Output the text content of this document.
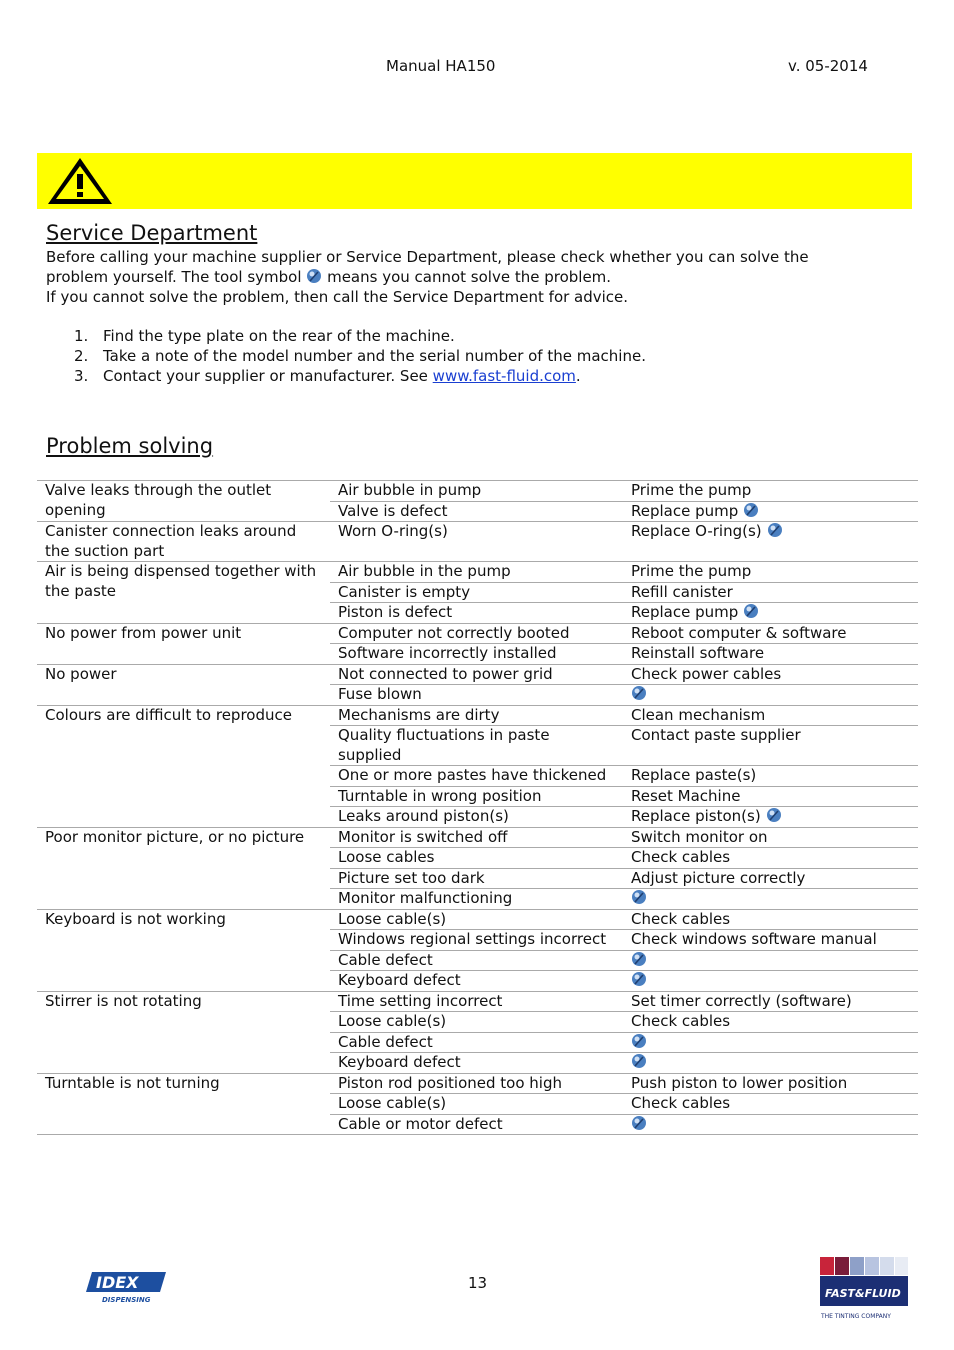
Manual HA150	v. 05-2014
Service Department
Before calling your machine supplier or Service Department, please check whether you can solve the
problem yourself. The tool symbol means you cannot solve the problem.
If you cannot solve the problem, then call the Service Department for advice.
1. Find the type plate on the rear of the machine.
2. Take a note of the model number and the serial number of the machine.
3. Contact your supplier or manufacturer. See www.fast-fluid.com.
Problem solving
Valve leaks through the outlet opening	Air bubble in pump	Prime the pump
	Valve is defect	Replace pump
Canister connection leaks around the suction part	Worn O-ring(s)	Replace O-ring(s)
Air is being dispensed together with the paste	Air bubble in the pump	Prime the pump
	Canister is empty	Refill canister
	Piston is defect	Replace pump
No power from power unit	Computer not correctly booted	Reboot computer & software
	Software incorrectly installed	Reinstall software
No power	Not connected to power grid	Check power cables
	Fuse blown	
Colours are difficult to reproduce	Mechanisms are dirty	Clean mechanism
	Quality fluctuations in paste supplied	Contact paste supplier
	One or more pastes have thickened	Replace paste(s)
	Turntable in wrong position	Reset Machine
	Leaks around piston(s)	Replace piston(s)
Poor monitor picture, or no picture	Monitor is switched off	Switch monitor on
	Loose cables	Check cables
	Picture set too dark	Adjust picture correctly
	Monitor malfunctioning	
Keyboard is not working	Loose cable(s)	Check cables
	Windows regional settings incorrect	Check windows software manual
	Cable defect	
	Keyboard defect	
Stirrer is not rotating	Time setting incorrect	Set timer correctly (software)
	Loose cable(s)	Check cables
	Cable defect	
	Keyboard defect	
Turntable is not turning	Piston rod positioned too high	Push piston to lower position
	Loose cable(s)	Check cables
	Cable or motor defect	
IDEX
DISPENSING
13
FAST&FLUID
THE TINTING COMPANY
